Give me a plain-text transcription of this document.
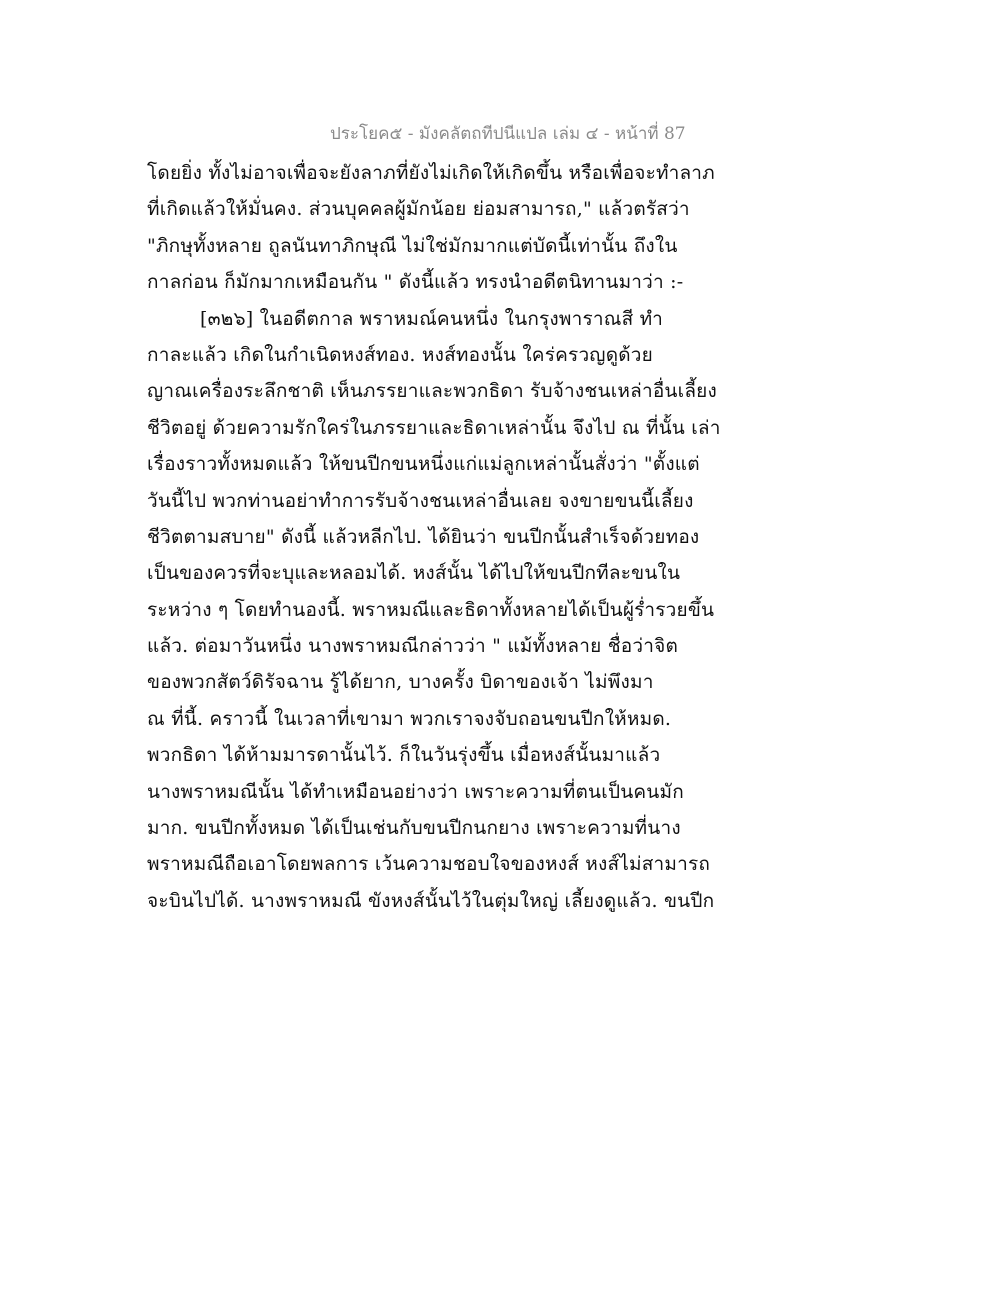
ประโยค๕ - มังคลัตถทีปนีแปล เล่ม ๔ - หน้าที่ 87
โดยยิ่ง ทั้งไม่อาจเพื่อจะยังลาภที่ยังไม่เกิดให้เกิดขึ้น หรือเพื่อจะทำลาภ
ที่เกิดแล้วให้มั่นคง. ส่วนบุคคลผู้มักน้อย ย่อมสามารถ," แล้วตรัสว่า
"ภิกษุทั้งหลาย ถูลนันทาภิกษุณี ไม่ใช่มักมากแต่บัดนี้เท่านั้น ถึงใน
กาลก่อน ก็มักมากเหมือนกัน " ดังนี้แล้ว ทรงนำอดีตนิทานมาว่า :-
[๓๒๖] ในอดีตกาล พราหมณ์คนหนึ่ง ในกรุงพาราณสี ทำ
กาละแล้ว เกิดในกำเนิดหงส์ทอง. หงส์ทองนั้น ใคร่ครวญดูด้วย
ญาณเครื่องระลึกชาติ เห็นภรรยาและพวกธิดา รับจ้างชนเหล่าอื่นเลี้ยง
ชีวิตอยู่ ด้วยความรักใคร่ในภรรยาและธิดาเหล่านั้น จึงไป ณ ที่นั้น เล่า
เรื่องราวทั้งหมดแล้ว ให้ขนปีกขนหนึ่งแก่แม่ลูกเหล่านั้นสั่งว่า "ตั้งแต่
วันนี้ไป พวกท่านอย่าทำการรับจ้างชนเหล่าอื่นเลย จงขายขนนี้เลี้ยง
ชีวิตตามสบาย" ดังนี้ แล้วหลีกไป. ได้ยินว่า ขนปีกนั้นสำเร็จด้วยทอง
เป็นของควรที่จะบุและหลอมได้. หงส์นั้น ได้ไปให้ขนปีกทีละขนใน
ระหว่าง ๆ โดยทำนองนี้. พราหมณีและธิดาทั้งหลายได้เป็นผู้ร่ำรวยขึ้น
แล้ว. ต่อมาวันหนึ่ง นางพราหมณีกล่าวว่า " แม้ทั้งหลาย ชื่อว่าจิต
ของพวกสัตว์ดิรัจฉาน รู้ได้ยาก, บางครั้ง บิดาของเจ้า ไม่พึงมา
ณ ที่นี้. คราวนี้ ในเวลาที่เขามา พวกเราจงจับถอนขนปีกให้หมด.
พวกธิดา ได้ห้ามมารดานั้นไว้. ก็ในวันรุ่งขึ้น เมื่อหงส์นั้นมาแล้ว
นางพราหมณีนั้น ได้ทำเหมือนอย่างว่า เพราะความที่ตนเป็นคนมัก
มาก. ขนปีกทั้งหมด ได้เป็นเช่นกับขนปีกนกยาง เพราะความที่นาง
พราหมณีถือเอาโดยพลการ เว้นความชอบใจของหงส์ หงส์ไม่สามารถ
จะบินไปได้. นางพราหมณี ขังหงส์นั้นไว้ในตุ่มใหญ่ เลี้ยงดูแล้ว. ขนปีก
